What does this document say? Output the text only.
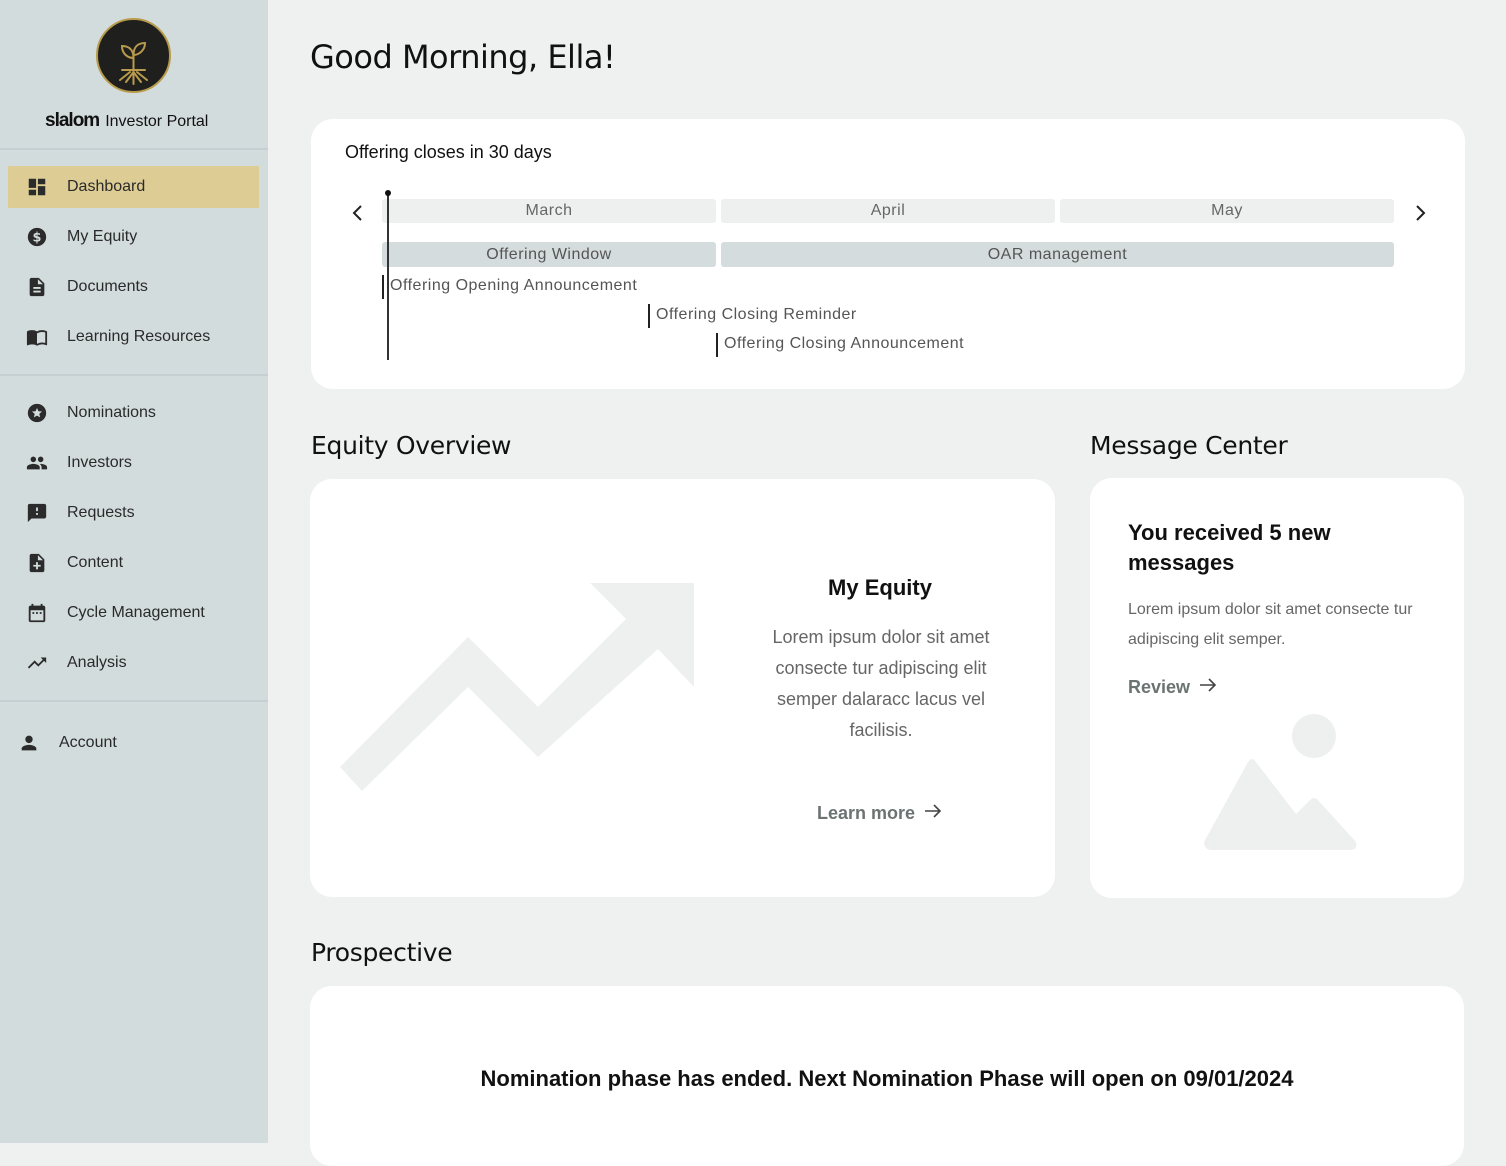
slalom Investor Portal
Dashboard
$ My Equity
Documents
Learning Resources
Nominations
Investors
Requests
Content
Cycle Management
Analysis
Account
Good Morning, Ella!
Offering closes in 30 days
March	April	May
Offering Window	OAR management
Offering Opening Announcement
Offering Closing Reminder
Offering Closing Announcement
Equity Overview	Message Center
My Equity
Lorem ipsum dolor sit amet consecte tur adipiscing elit semper dalaracc lacus vel facilisis.
Learn more
You received 5 new messages
Lorem ipsum dolor sit amet consecte tur adipiscing elit semper.
Review
Prospective
Nomination phase has ended. Next Nomination Phase will open on 09/01/2024
